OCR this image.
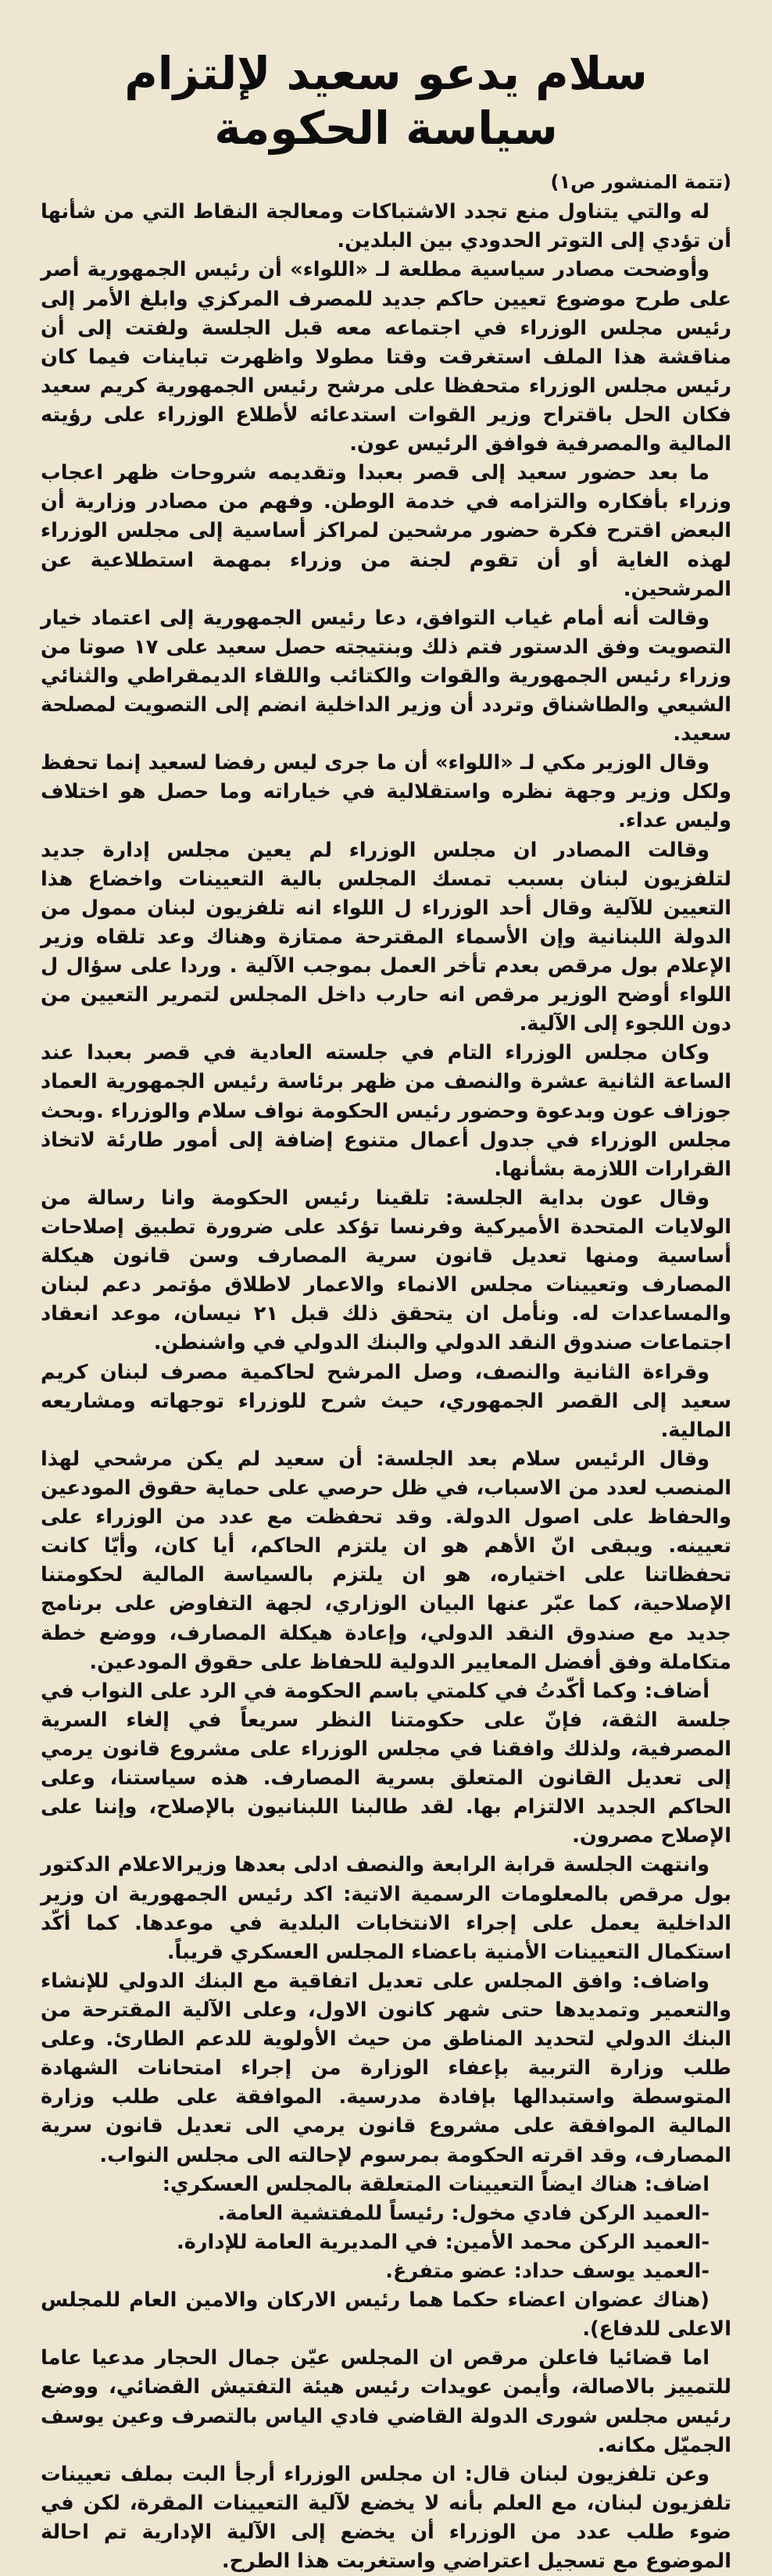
سلام يدعو سعيد لإلتزام سياسة الحكومة
(تتمة المنشور ص١)

له والتي يتناول منع تجدد الاشتباكات ومعالجة النقاط التي من شأنها أن تؤدي إلى التوتر الحدودي بين البلدين.

وأوضحت مصادر سياسية مطلعة لـ «اللواء» أن رئيس الجمهورية أصر على طرح موضوع تعيين حاكم جديد للمصرف المركزي وابلغ الأمر إلى رئيس مجلس الوزراء في اجتماعه معه قبل الجلسة ولفتت إلى أن مناقشة هذا الملف استغرقت وقتا مطولا واظهرت تباينات فيما كان رئيس مجلس الوزراء متحفظا على مرشح رئيس الجمهورية كريم سعيد فكان الحل باقتراح وزير القوات استدعائه لأطلاع الوزراء على رؤيته المالية والمصرفية فوافق الرئيس عون.

ما بعد حضور سعيد إلى قصر بعبدا وتقديمه شروحات ظهر اعجاب وزراء بأفكاره والتزامه في خدمة الوطن. وفهم من مصادر وزارية أن البعض اقترح فكرة حضور مرشحين لمراكز أساسية إلى مجلس الوزراء لهذه الغاية أو أن تقوم لجنة من وزراء بمهمة استطلاعية عن المرشحين.

وقالت أنه أمام غياب التوافق، دعا رئيس الجمهورية إلى اعتماد خيار التصويت وفق الدستور فتم ذلك وبنتيجته حصل سعيد على ١٧ صوتا من وزراء رئيس الجمهورية والقوات والكتائب واللقاء الديمقراطي والثنائي الشيعي والطاشناق وتردد أن وزير الداخلية انضم إلى التصويت لمصلحة سعيد.

وقال الوزير مكي لـ «اللواء» أن ما جرى ليس رفضا لسعيد إنما تحفظ ولكل وزير وجهة نظره واستقلالية في خياراته وما حصل هو اختلاف وليس عداء.

وقالت المصادر ان مجلس الوزراء لم يعين مجلس إدارة جديد لتلفزيون لبنان بسبب تمسك المجلس بالية التعيينات واخضاع هذا التعيين للآلية وقال أحد الوزراء ل اللواء انه تلفزيون لبنان ممول من الدولة اللبنانية وإن الأسماء المقترحة ممتازة وهناك وعد تلقاه وزير الإعلام بول مرقص بعدم تأخر العمل بموجب الآلية . وردا على سؤال ل اللواء أوضح الوزير مرقص انه حارب داخل المجلس لتمرير التعيين من دون اللجوء إلى الآلية.

وكان مجلس الوزراء التام في جلسته العادية في قصر بعبدا عند الساعة الثانية عشرة والنصف من ظهر برئاسة رئيس الجمهورية العماد جوزاف عون وبدعوة وحضور رئيس الحكومة نواف سلام والوزراء .وبحث مجلس الوزراء في جدول أعمال متنوع إضافة إلى أمور طارئة لاتخاذ القرارات اللازمة بشأنها.

وقال عون بداية الجلسة: تلقينا رئيس الحكومة وانا رسالة من الولايات المتحدة الأميركية وفرنسا تؤكد على ضرورة تطبيق إصلاحات أساسية ومنها تعديل قانون سرية المصارف وسن قانون هيكلة المصارف وتعيينات مجلس الانماء والاعمار لاطلاق مؤتمر دعم لبنان والمساعدات له. ونأمل ان يتحقق ذلك قبل ٢١ نيسان، موعد انعقاد اجتماعات صندوق النقد الدولي والبنك الدولي في واشنطن.

وقراءة الثانية والنصف، وصل المرشح لحاكمية مصرف لبنان كريم سعيد إلى القصر الجمهوري، حيث شرح للوزراء توجهاته ومشاريعه المالية.

وقال الرئيس سلام بعد الجلسة: أن سعيد لم يكن مرشحي لهذا المنصب لعدد من الاسباب، في ظل حرصي على حماية حقوق المودعين والحفاظ على اصول الدولة. وقد تحفظت مع عدد من الوزراء على تعيينه. ويبقى انّ الأهم هو ان يلتزم الحاكم، أيا كان، وأيّا كانت تحفظاتنا على اختياره، هو ان يلتزم بالسياسة المالية لحكومتنا الإصلاحية، كما عبّر عنها البيان الوزاري، لجهة التفاوض على برنامج جديد مع صندوق النقد الدولي، وإعادة هيكلة المصارف، ووضع خطة متكاملة وفق أفضل المعايير الدولية للحفاظ على حقوق المودعين.

أضاف: وكما أكّدتُ في كلمتي باسم الحكومة في الرد على النواب في جلسة الثقة، فإنّ على حكومتنا النظر سريعاً في إلغاء السرية المصرفية، ولذلك وافقنا في مجلس الوزراء على مشروع قانون يرمي إلى تعديل القانون المتعلق بسرية المصارف. هذه سياستنا، وعلى الحاكم الجديد الالتزام بها. لقد طالبنا اللبنانيون بالإصلاح، وإننا على الإصلاح مصرون.

وانتهت الجلسة قرابة الرابعة والنصف ادلى بعدها وزيرالاعلام الدكتور بول مرقص بالمعلومات الرسمية الاتية: اكد رئيس الجمهورية ان وزير الداخلية يعمل على إجراء الانتخابات البلدية في موعدها. كما أكّد استكمال التعيينات الأمنية باعضاء المجلس العسكري قريباً.

واضاف: وافق المجلس على تعديل اتفاقية مع البنك الدولي للإنشاء والتعمير وتمديدها حتى شهر كانون الاول، وعلى الآلية المقترحة من البنك الدولي لتحديد المناطق من حيث الأولوية للدعم الطارئ. وعلى طلب وزارة التربية بإعفاء الوزارة من إجراء امتحانات الشهادة المتوسطة واستبدالها بإفادة مدرسية. الموافقة على طلب وزارة المالية الموافقة على مشروع قانون يرمي الى تعديل قانون سرية المصارف، وقد اقرته الحكومة بمرسوم لإحالته الى مجلس النواب.

اضاف: هناك ايضاً التعيينات المتعلقة بالمجلس العسكري:

-العميد الركن فادي مخول: رئيساً للمفتشية العامة.

-العميد الركن محمد الأمين: في المديرية العامة للإدارة.

-العميد يوسف حداد: عضو متفرغ.

(هناك عضوان اعضاء حكما هما رئيس الاركان والامين العام للمجلس الاعلى للدفاع).

اما قضائيا فاعلن مرقص ان المجلس عيّن جمال الحجار مدعيا عاما للتمييز بالاصالة، وأيمن عويدات رئيس هيئة التفتيش القضائي، ووضع رئيس مجلس شورى الدولة القاضي فادي الياس بالتصرف وعين يوسف الجميّل مكانه.

وعن تلفزيون لبنان قال: ان مجلس الوزراء أرجأ البت بملف تعيينات تلفزيون لبنان، مع العلم بأنه لا يخضع لآلية التعيينات المقرة، لكن في ضوء طلب عدد من الوزراء أن يخضع إلى الآلية الإدارية تم احالة الموضوع مع تسجيل اعتراضي واستغربت هذا الطرح.
